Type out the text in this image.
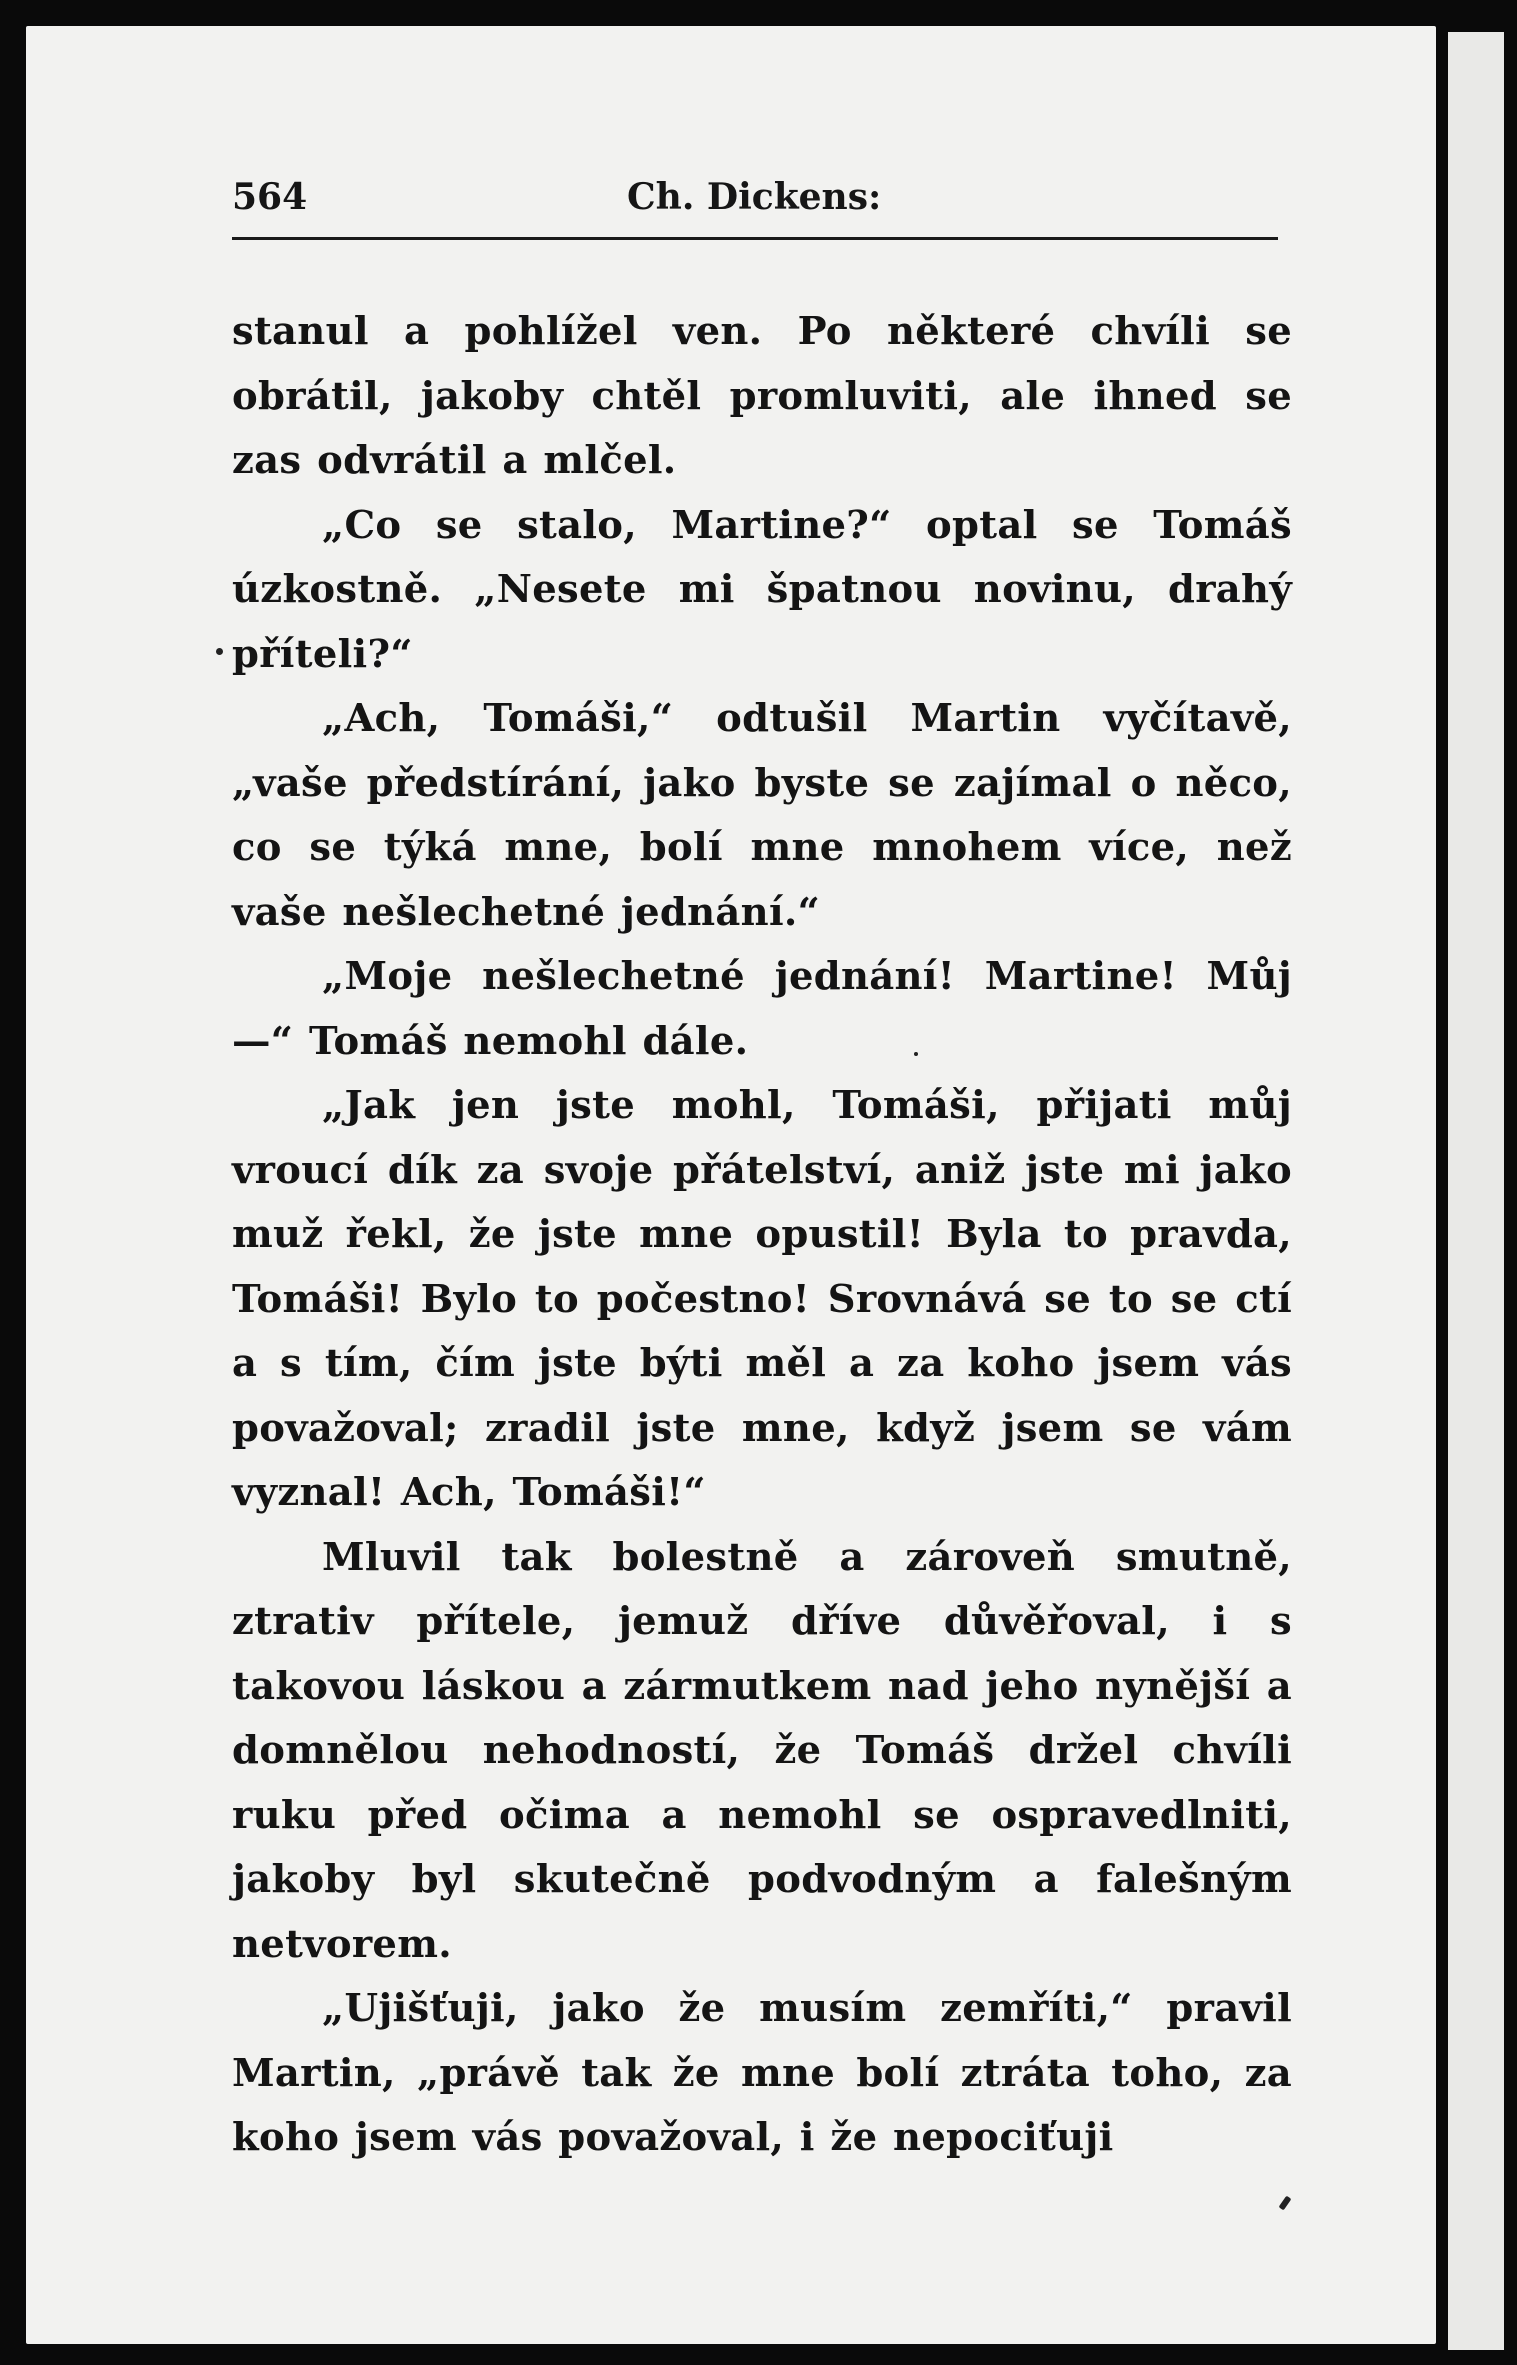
564	Ch. Dickens:

stanul a pohlížel ven. Po některé chvíli se obrátil, jakoby chtěl promluviti, ale ihned se zas odvrátil a mlčel.

„Co se stalo, Martine?“ optal se Tomáš úzkostně. „Nesete mi špatnou novinu, drahý příteli?“

„Ach, Tomáši,“ odtušil Martin vyčítavě, „vaše předstírání, jako byste se zajímal o něco, co se týká mne, bolí mne mnohem více, než vaše nešlechetné jednání.“

„Moje nešlechetné jednání! Martine! Můj —“ Tomáš nemohl dále.

„Jak jen jste mohl, Tomáši, přijati můj vroucí dík za svoje přátelství, aniž jste mi jako muž řekl, že jste mne opustil! Byla to pravda, Tomáši! Bylo to počestno! Srovnává se to se ctí a s tím, čím jste býti měl a za koho jsem vás považoval; zradil jste mne, když jsem se vám vyznal! Ach, Tomáši!“

Mluvil tak bolestně a zároveň smutně, ztrativ přítele, jemuž dříve důvěřoval, i s takovou láskou a zármutkem nad jeho nynější a domnělou nehodností, že Tomáš držel chvíli ruku před očima a nemohl se ospravedlniti, jakoby byl skutečně podvodným a falešným netvorem.

„Ujišťuji, jako že musím zemříti,“ pravil Martin, „právě tak že mne bolí ztráta toho, za koho jsem vás považoval, i že nepociťuji
